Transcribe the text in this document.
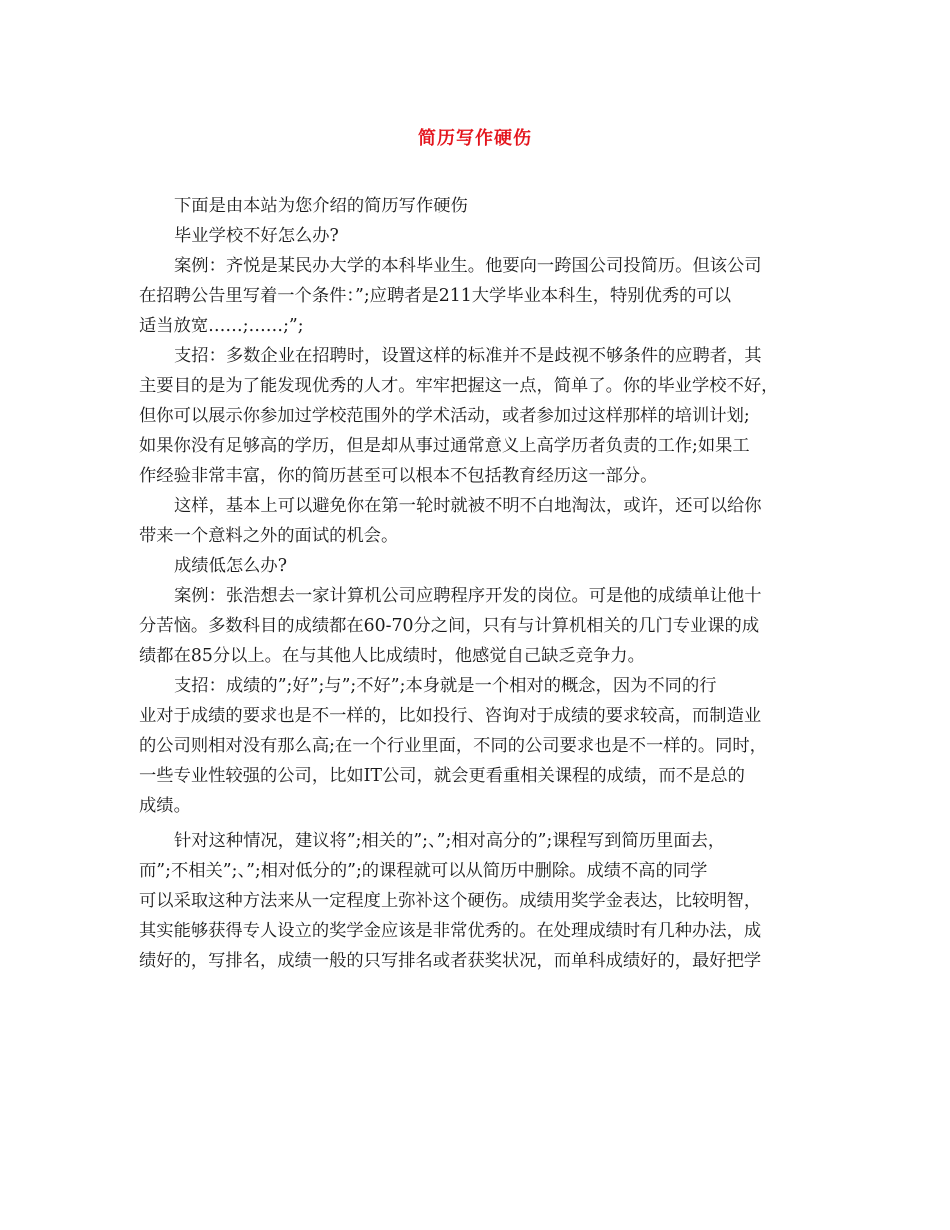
简历写作硬伤
下面是由本站为您介绍的简历写作硬伤
毕业学校不好怎么办?
案例：齐悦是某民办大学的本科毕业生。他要向一跨国公司投简历。但该公司
在招聘公告里写着一个条件：”;应聘者是211大学毕业本科生，特别优秀的可以
适当放宽……;……;”;
支招：多数企业在招聘时，设置这样的标准并不是歧视不够条件的应聘者，其
主要目的是为了能发现优秀的人才。牢牢把握这一点，简单了。你的毕业学校不好，
但你可以展示你参加过学校范围外的学术活动，或者参加过这样那样的培训计划;
如果你没有足够高的学历，但是却从事过通常意义上高学历者负责的工作;如果工
作经验非常丰富，你的简历甚至可以根本不包括教育经历这一部分。
这样，基本上可以避免你在第一轮时就被不明不白地淘汰，或许，还可以给你
带来一个意料之外的面试的机会。
成绩低怎么办?
案例：张浩想去一家计算机公司应聘程序开发的岗位。可是他的成绩单让他十
分苦恼。多数科目的成绩都在60-70分之间，只有与计算机相关的几门专业课的成
绩都在85分以上。在与其他人比成绩时，他感觉自己缺乏竞争力。
支招：成绩的”;好”;与”;不好”;本身就是一个相对的概念，因为不同的行
业对于成绩的要求也是不一样的，比如投行、咨询对于成绩的要求较高，而制造业
的公司则相对没有那么高;在一个行业里面，不同的公司要求也是不一样的。同时，
一些专业性较强的公司，比如IT公司，就会更看重相关课程的成绩，而不是总的
成绩。
针对这种情况，建议将”;相关的”;、”;相对高分的”;课程写到简历里面去，
而”;不相关”;、”;相对低分的”;的课程就可以从简历中删除。成绩不高的同学
可以采取这种方法来从一定程度上弥补这个硬伤。成绩用奖学金表达，比较明智，
其实能够获得专人设立的奖学金应该是非常优秀的。在处理成绩时有几种办法，成
绩好的，写排名，成绩一般的只写排名或者获奖状况，而单科成绩好的，最好把学
